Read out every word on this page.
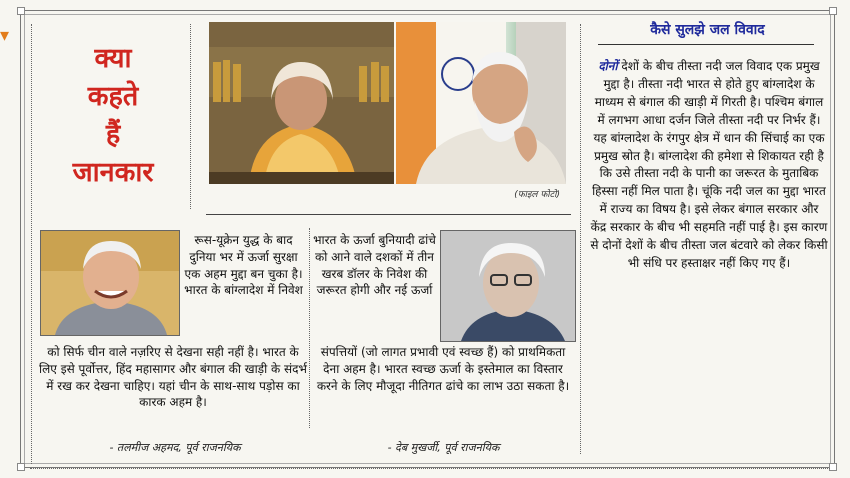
▾
क्या
कहते
हैं
जानकार
(फाइल फोटो)
रूस-यूक्रेन युद्ध के बाद दुनिया भर में ऊर्जा सुरक्षा एक अहम मुद्दा बन चुका है। भारत के बांग्लादेश में निवेश
को सिर्फ चीन वाले नज़रिए से देखना सही नहीं है। भारत के लिए इसे पूर्वोत्तर, हिंद महासागर और बंगाल की खाड़ी के संदर्भ में रख कर देखना चाहिए। यहां चीन के साथ-साथ पड़ोस का कारक अहम है।
- तलमीज अहमद, पूर्व राजनयिक
भारत के ऊर्जा बुनियादी ढांचे को आने वाले दशकों में तीन खरब डॉलर के निवेश की जरूरत होगी और नई ऊर्जा
संपत्तियों (जो लागत प्रभावी एवं स्वच्छ हैं) को प्राथमिकता देना अहम है। भारत स्वच्छ ऊर्जा के इस्तेमाल का विस्तार करने के लिए मौजूदा नीतिगत ढांचे का लाभ उठा सकता है।
- देब मुखर्जी, पूर्व राजनयिक
कैसे सुलझे जल विवाद
दोनों देशों के बीच तीस्ता नदी जल विवाद एक प्रमुख मुद्दा है। तीस्ता नदी भारत से होते हुए बांग्लादेश के माध्यम से बंगाल की खाड़ी में गिरती है। पश्चिम बंगाल में लगभग आधा दर्जन जिले तीस्ता नदी पर निर्भर हैं। यह बांग्लादेश के रंगपुर क्षेत्र में धान की सिंचाई का एक प्रमुख स्रोत है। बांग्लादेश की हमेशा से शिकायत रही है कि उसे तीस्ता नदी के पानी का जरूरत के मुताबिक हिस्सा नहीं मिल पाता है। चूंकि नदी जल का मुद्दा भारत में राज्य का विषय है। इसे लेकर बंगाल सरकार और केंद्र सरकार के बीच भी सहमति नहीं पाई है। इस कारण से दोनों देशों के बीच तीस्ता जल बंटवारे को लेकर किसी भी संधि पर हस्ताक्षर नहीं किए गए हैं।
